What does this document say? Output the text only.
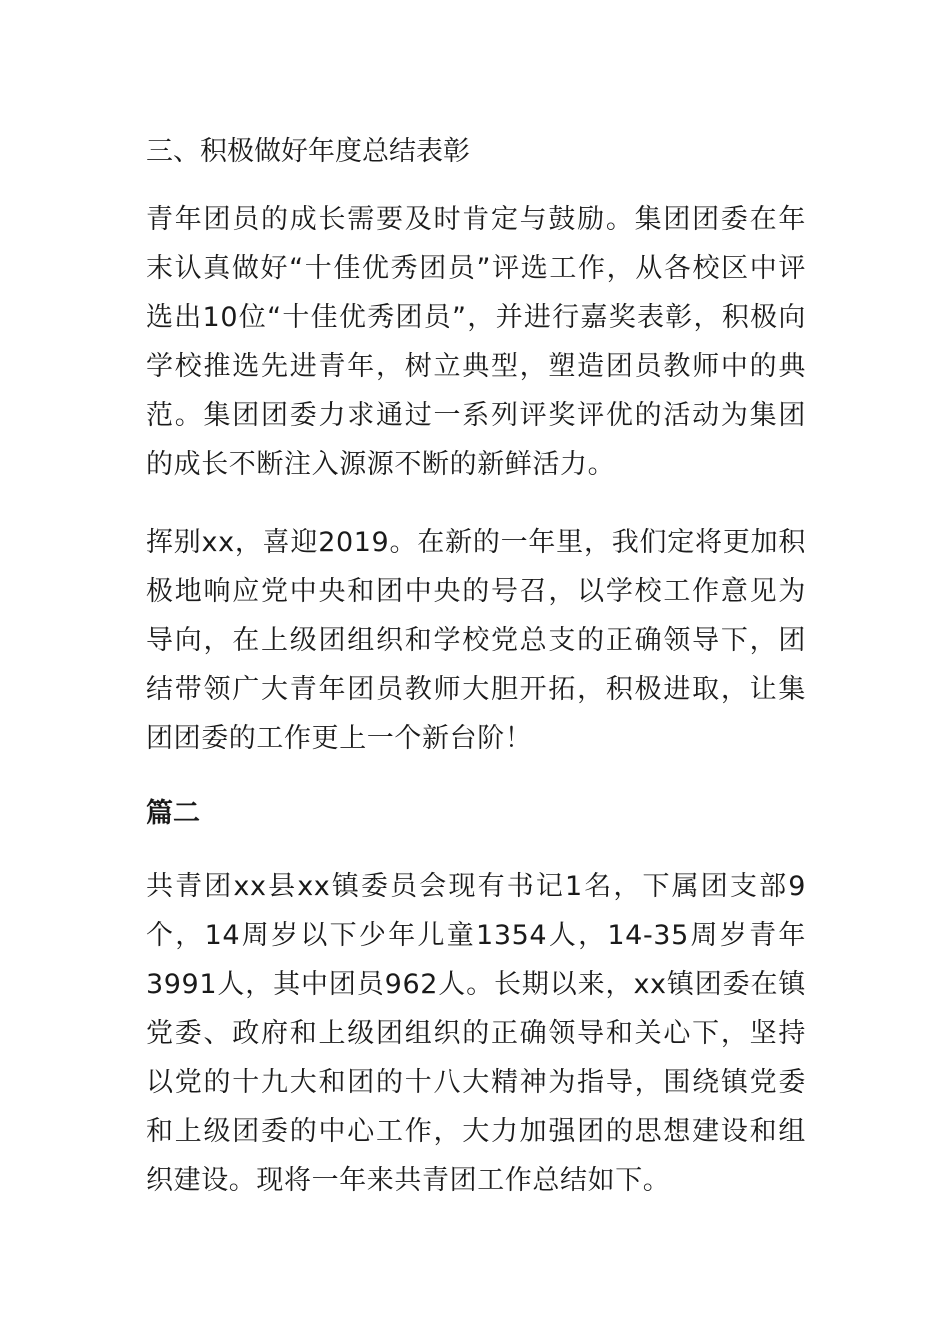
三、积极做好年度总结表彰
青年团员的成长需要及时肯定与鼓励。集团团委在年末认真做好“十佳优秀团员”评选工作，从各校区中评选出10位“十佳优秀团员”，并进行嘉奖表彰，积极向学校推选先进青年，树立典型，塑造团员教师中的典范。集团团委力求通过一系列评奖评优的活动为集团的成长不断注入源源不断的新鲜活力。
挥别xx，喜迎2019。在新的一年里，我们定将更加积极地响应党中央和团中央的号召，以学校工作意见为导向，在上级团组织和学校党总支的正确领导下，团结带领广大青年团员教师大胆开拓，积极进取，让集团团委的工作更上一个新台阶！
篇二
共青团xx县xx镇委员会现有书记1名，下属团支部9个，14周岁以下少年儿童1354人，14-35周岁青年3991人，其中团员962人。长期以来，xx镇团委在镇党委、政府和上级团组织的正确领导和关心下，坚持以党的十九大和团的十八大精神为指导，围绕镇党委和上级团委的中心工作，大力加强团的思想建设和组织建设。现将一年来共青团工作总结如下。
